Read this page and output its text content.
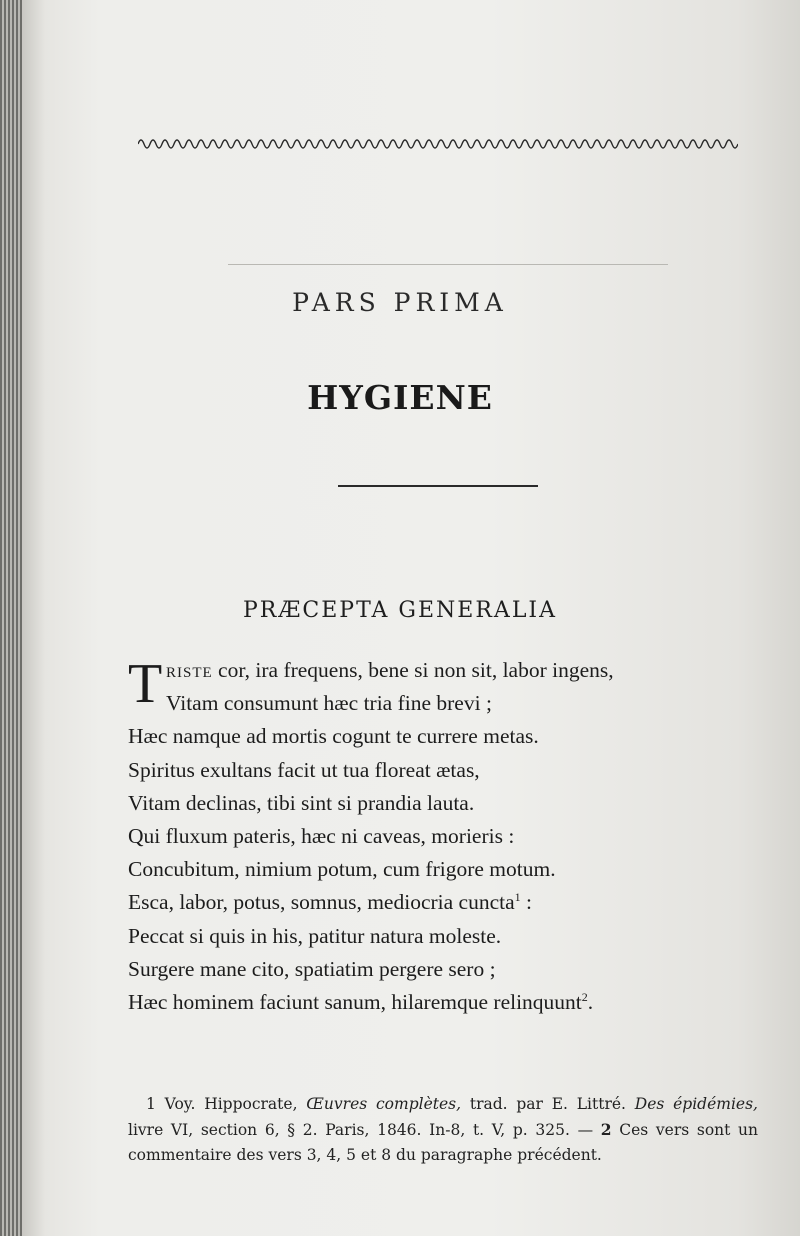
PARS PRIMA
HYGIENE
PRÆCEPTA GENERALIA
T RISTE cor, ira frequens, bene si non sit, labor ingens,
Vitam consumunt hæc tria fine brevi ;
Hæc namque ad mortis cogunt te currere metas.
Spiritus exultans facit ut tua floreat ætas,
Vitam declinas, tibi sint si prandia lauta.
Qui fluxum pateris, hæc ni caveas, morieris :
Concubitum, nimium potum, cum frigore motum.
Esca, labor, potus, somnus, mediocria cuncta$^1$ :
Peccat si quis in his, patitur natura moleste.
Surgere mane cito, spatiatim pergere sero ;
Hæc hominem faciunt sanum, hilaremque relinquunt$^2$.
1 Voy. Hippocrate, Œuvres complètes, trad. par E. Littré. Des épidémies, livre VI, section 6, § 2. Paris, 1846. In-8, t. V, p. 325. — 2 Ces vers sont un commentaire des vers 3, 4, 5 et 8 du paragraphe précédent.
